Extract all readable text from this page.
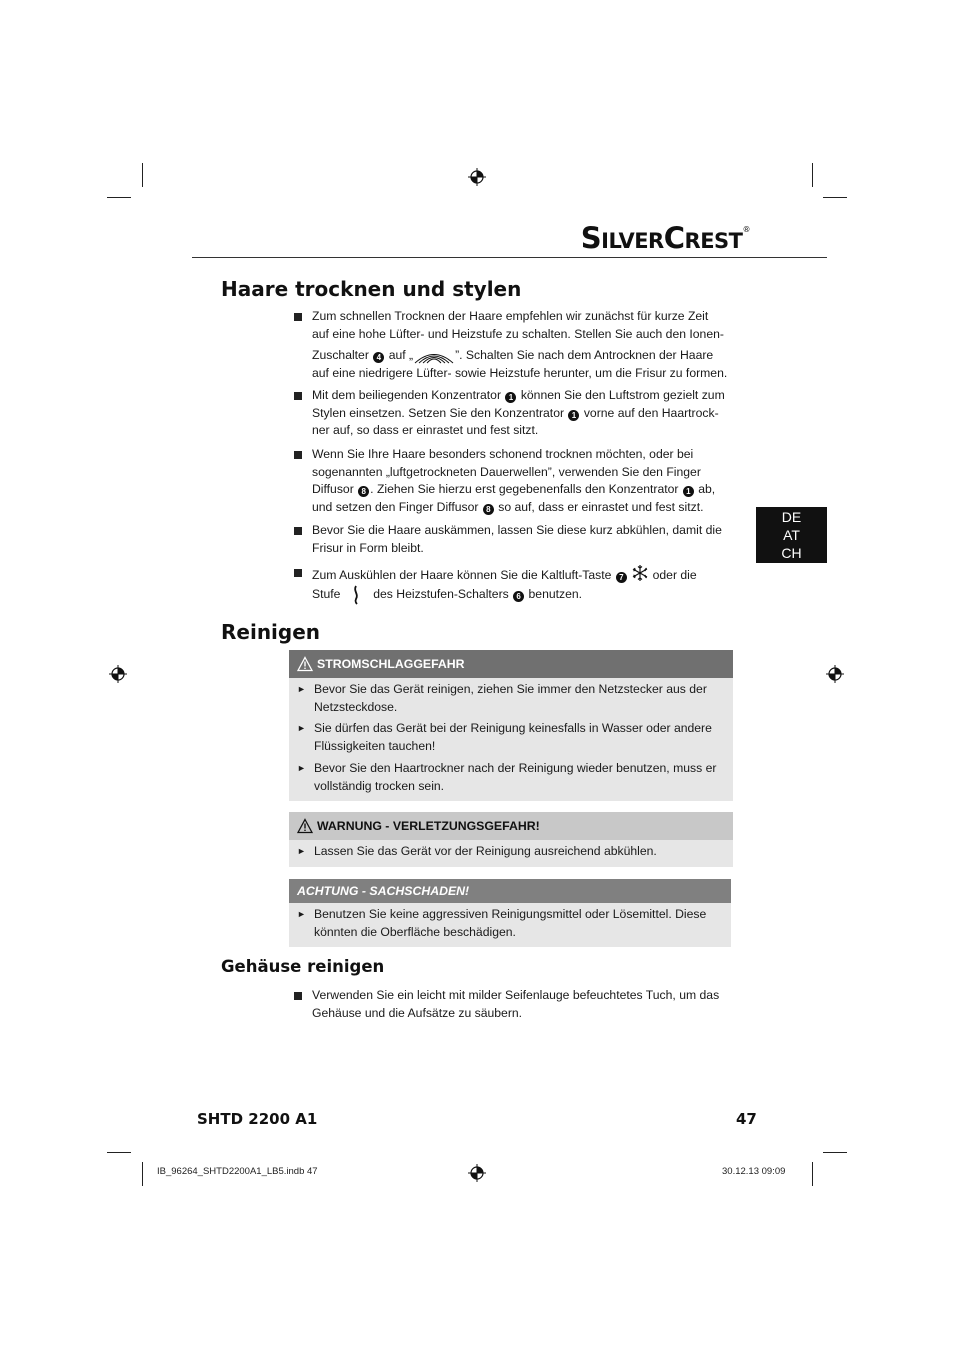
SILVERCREST®
Haare trocknen und stylen
Zum schnellen Trocknen der Haare empfehlen wir zunächst für kurze Zeit
auf eine hohe Lüfter- und Heizstufe zu schalten. Stellen Sie auch den Ionen-
Zuschalter 4 auf „	”. Schalten Sie nach dem Antrocknen der Haare
auf eine niedrigere Lüfter- sowie Heizstufe herunter, um die Frisur zu formen.
Mit dem beiliegenden Konzentrator 1 können Sie den Luftstrom gezielt zum
Stylen einsetzen. Setzen Sie den Konzentrator 1 vorne auf den Haartrock-
ner auf, so dass er einrastet und fest sitzt.
Wenn Sie Ihre Haare besonders schonend trocknen möchten, oder bei
sogenannten „luftgetrockneten Dauerwellen”, verwenden Sie den Finger
Diffusor 8 . Ziehen Sie hierzu erst gegebenenfalls den Konzentrator 1 ab,
und setzen den Finger Diffusor 8 so auf, dass er einrastet und fest sitzt.
Bevor Sie die Haare auskämmen, lassen Sie diese kurz abkühlen, damit die
Frisur in Form bleibt.
Zum Auskühlen der Haare können Sie die Kaltluft-Taste 7 oder die
Stufe	des Heizstufen-Schalters 6 benutzen.
DE
AT
CH
Reinigen
STROMSCHLAGGEFAHR
► Bevor Sie das Gerät reinigen, ziehen Sie immer den Netzstecker aus der Netzsteckdose.
► Sie dürfen das Gerät bei der Reinigung keinesfalls in Wasser oder andere Flüssigkeiten tauchen!
► Bevor Sie den Haartrockner nach der Reinigung wieder benutzen, muss er vollständig trocken sein.
WARNUNG - VERLETZUNGSGEFAHR!
► Lassen Sie das Gerät vor der Reinigung ausreichend abkühlen.
ACHTUNG - SACHSCHADEN!
► Benutzen Sie keine aggressiven Reinigungsmittel oder Lösemittel. Diese könnten die Oberfläche beschädigen.
Gehäuse reinigen
Verwenden Sie ein leicht mit milder Seifenlauge befeuchtetes Tuch, um das Gehäuse und die Aufsätze zu säubern.
SHTD 2200 A1	47
IB_96264_SHTD2200A1_LB5.indb 47	30.12.13 09:09
